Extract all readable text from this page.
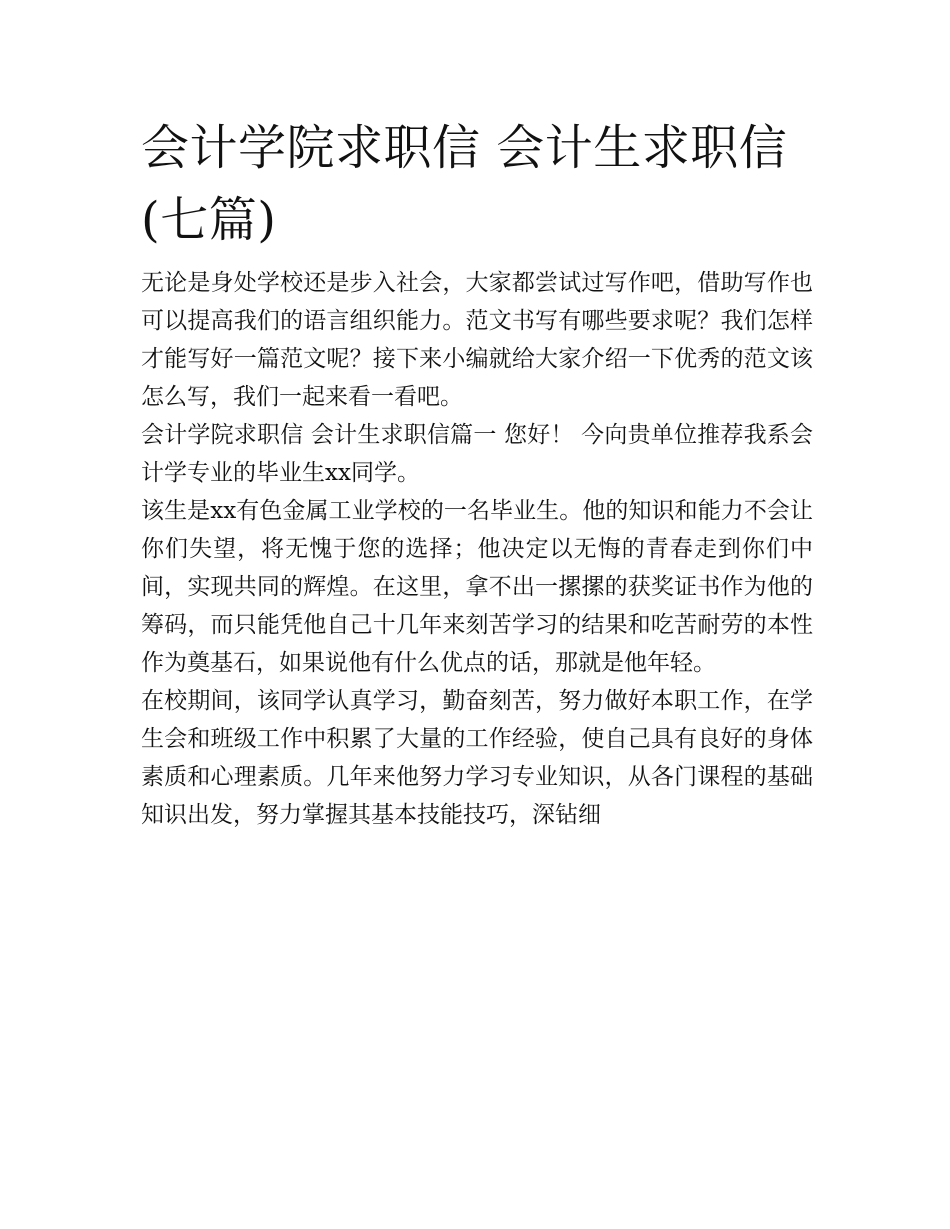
会计学院求职信 会计生求职信(七篇)

无论是身处学校还是步入社会，大家都尝试过写作吧，借助写作也可以提高我们的语言组织能力。范文书写有哪些要求呢？我们怎样才能写好一篇范文呢？接下来小编就给大家介绍一下优秀的范文该怎么写，我们一起来看一看吧。

会计学院求职信 会计生求职信篇一 您好！ 今向贵单位推荐我系会计学专业的毕业生xx同学。

该生是xx有色金属工业学校的一名毕业生。他的知识和能力不会让你们失望，将无愧于您的选择；他决定以无悔的青春走到你们中间，实现共同的辉煌。在这里，拿不出一摞摞的获奖证书作为他的筹码，而只能凭他自己十几年来刻苦学习的结果和吃苦耐劳的本性作为奠基石，如果说他有什么优点的话，那就是他年轻。

在校期间，该同学认真学习，勤奋刻苦，努力做好本职工作，在学生会和班级工作中积累了大量的工作经验，使自己具有良好的身体素质和心理素质。几年来他努力学习专业知识，从各门课程的基础知识出发，努力掌握其基本技能技巧，深钻细
